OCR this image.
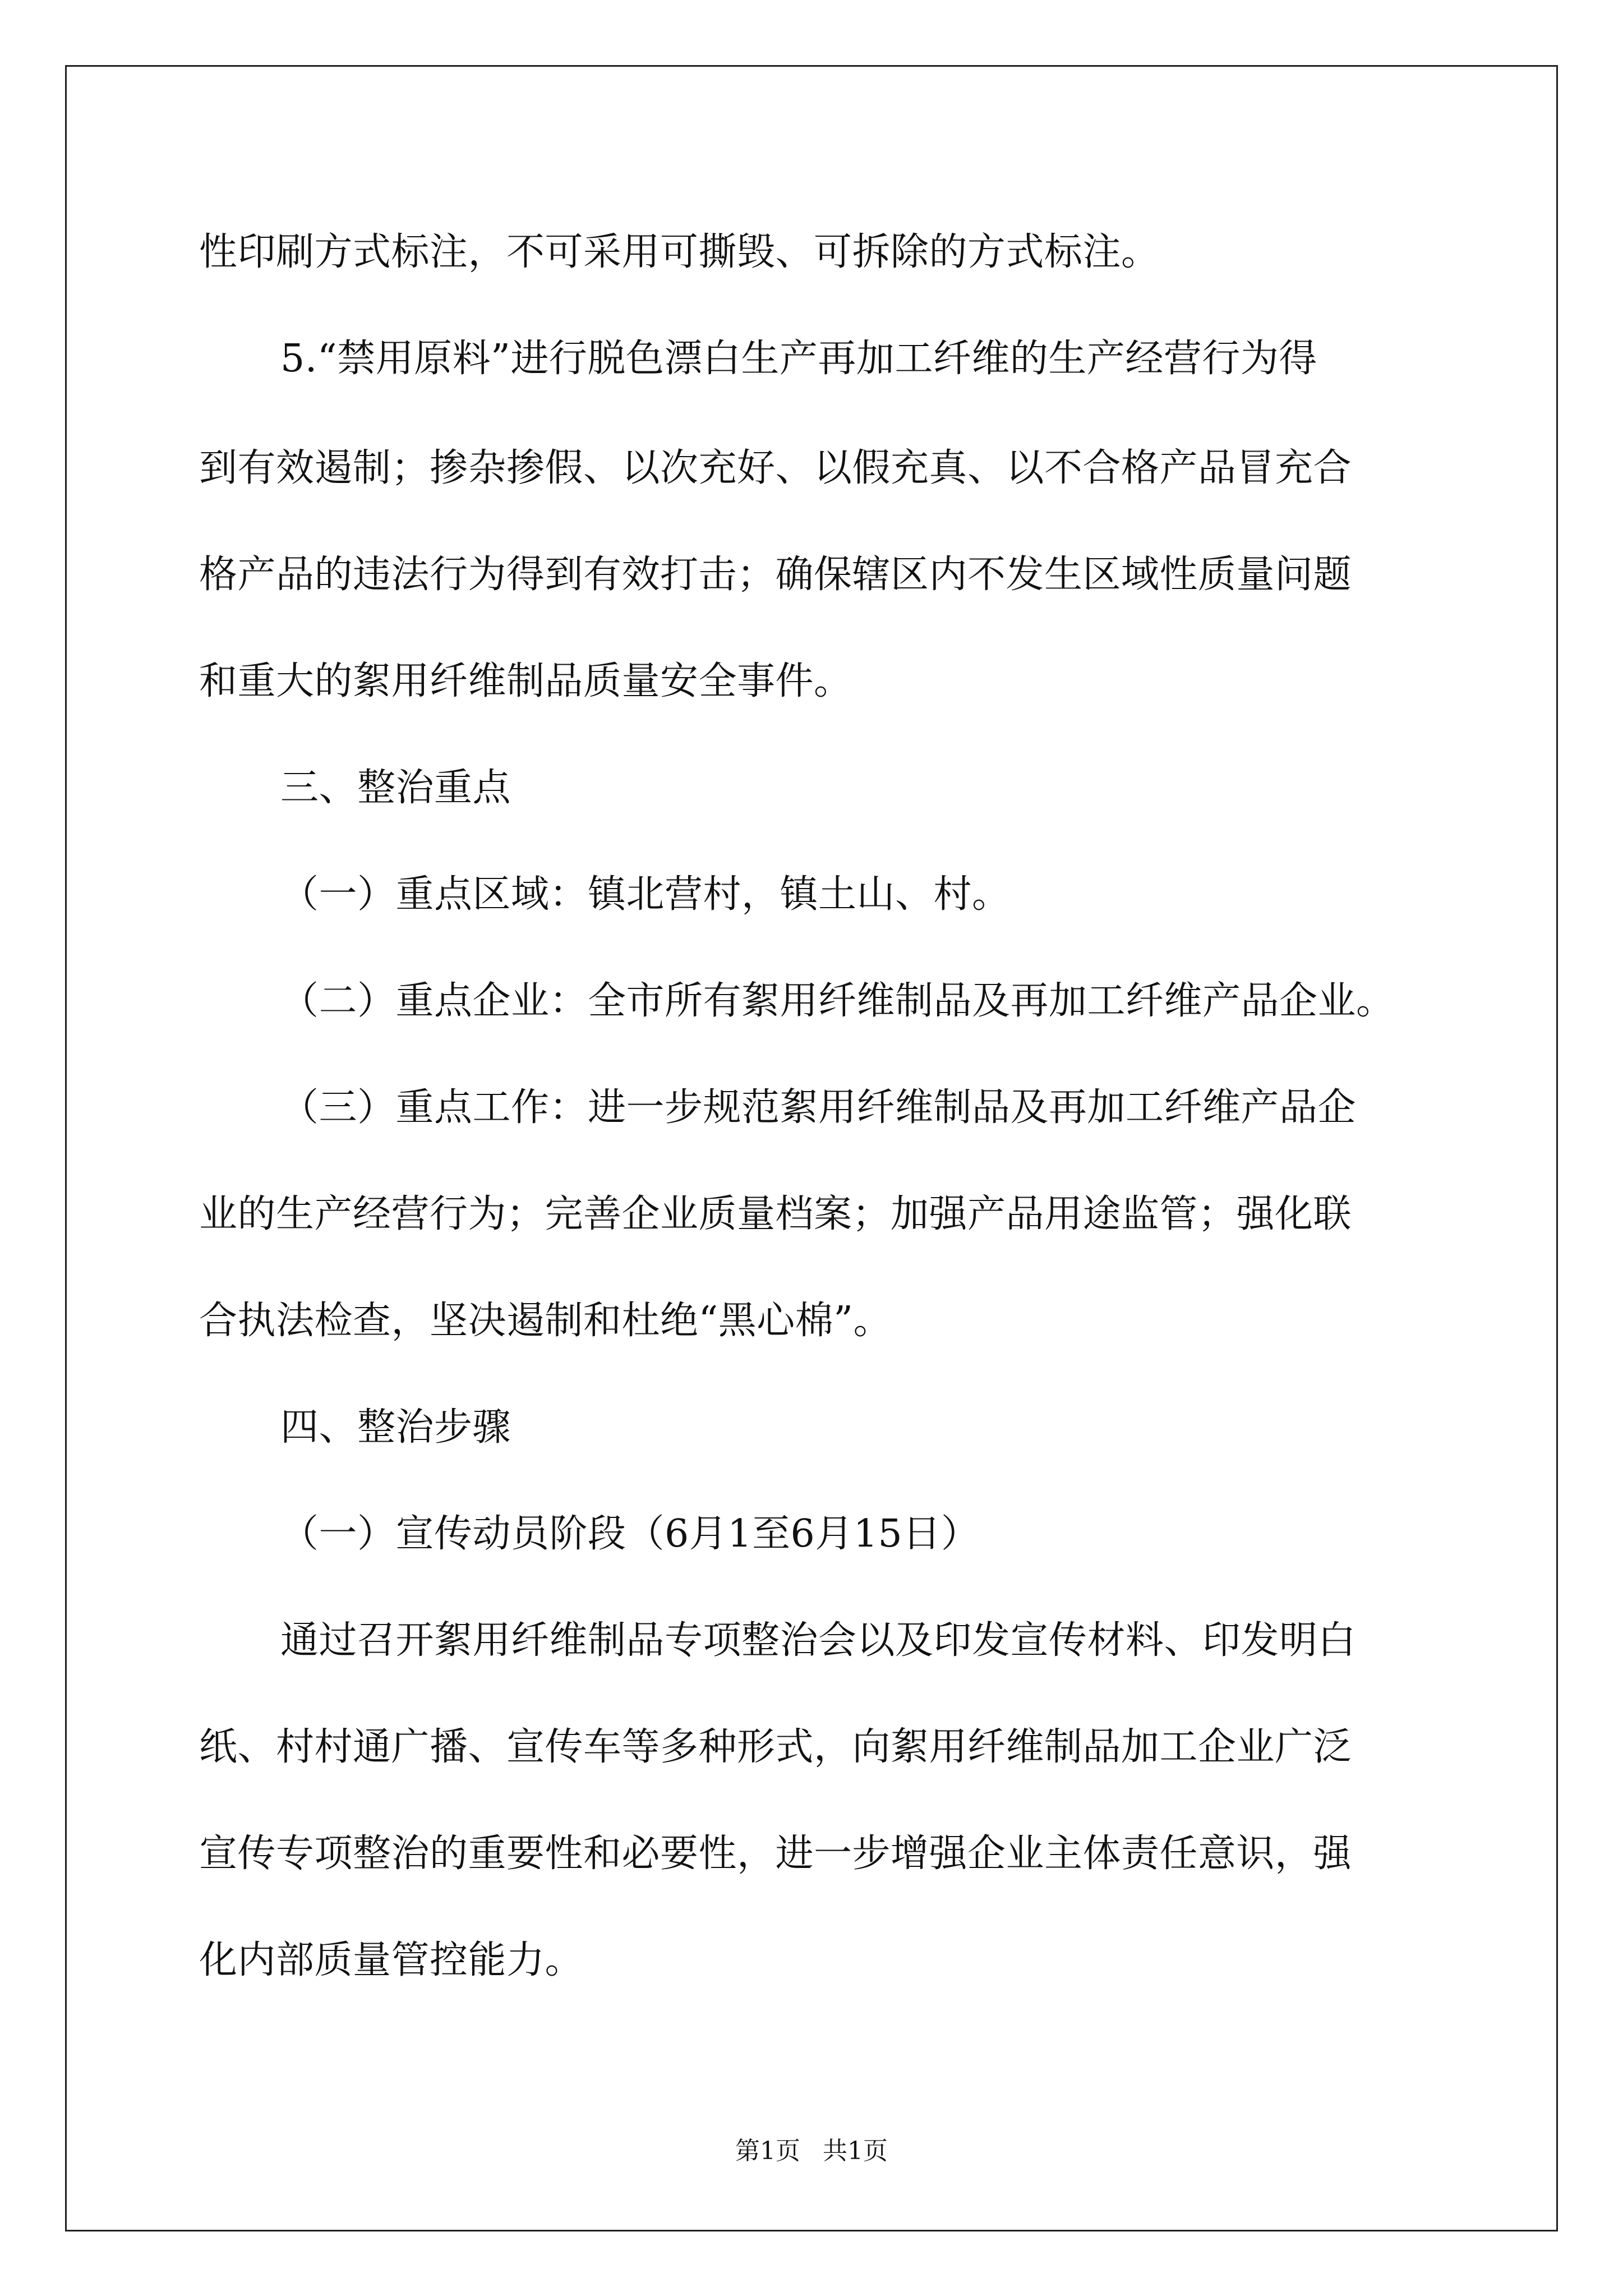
性印刷方式标注，不可采用可撕毁、可拆除的方式标注。
5.“禁用原料”进行脱色漂白生产再加工纤维的生产经营行为得
到有效遏制；掺杂掺假、以次充好、以假充真、以不合格产品冒充合
格产品的违法行为得到有效打击；确保辖区内不发生区域性质量问题
和重大的絮用纤维制品质量安全事件。
三、整治重点
（一）重点区域：镇北营村，镇土山、村。
（二）重点企业：全市所有絮用纤维制品及再加工纤维产品企业。
（三）重点工作：进一步规范絮用纤维制品及再加工纤维产品企
业的生产经营行为；完善企业质量档案；加强产品用途监管；强化联
合执法检查，坚决遏制和杜绝“黑心棉”。
四、整治步骤
（一）宣传动员阶段（6月1至6月15日）
通过召开絮用纤维制品专项整治会以及印发宣传材料、印发明白
纸、村村通广播、宣传车等多种形式，向絮用纤维制品加工企业广泛
宣传专项整治的重要性和必要性，进一步增强企业主体责任意识，强
化内部质量管控能力。
第1页 共1页
